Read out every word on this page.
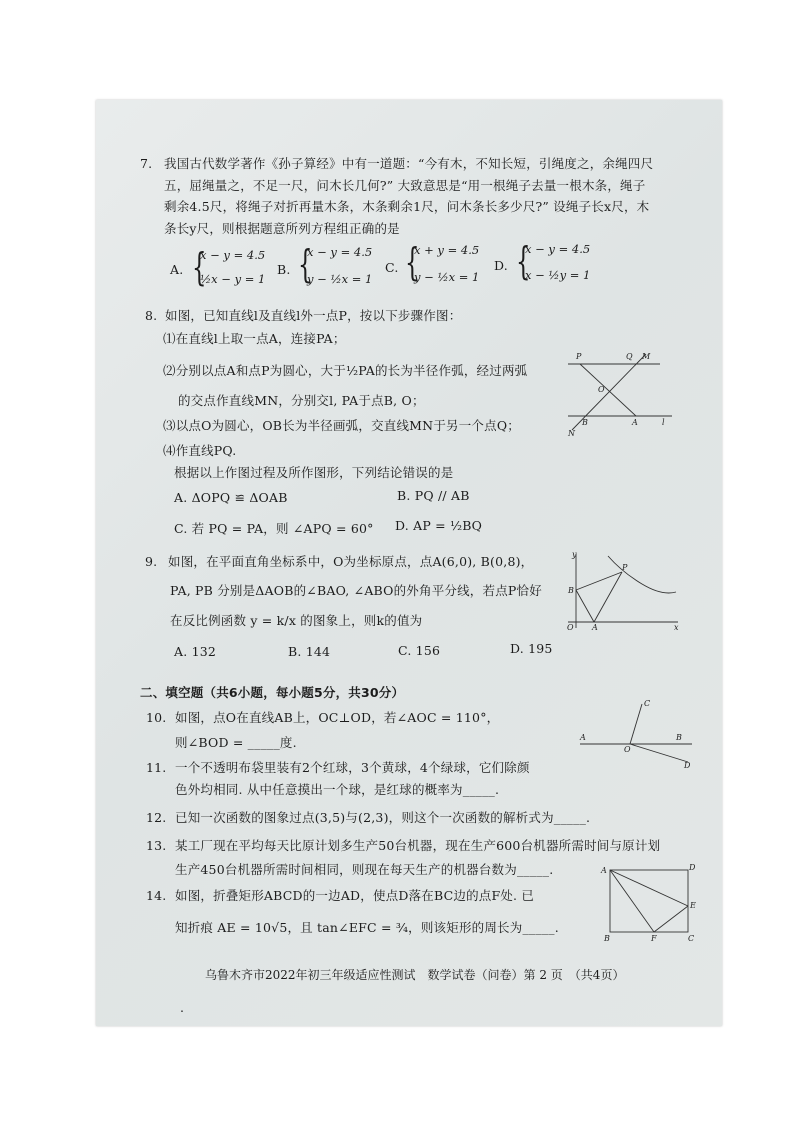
7. 我国古代数学著作《孙子算经》中有一道题：“今有木，不知长短，引绳度之，余绳四尺
五，屈绳量之，不足一尺，问木长几何?” 大致意思是“用一根绳子去量一根木条，绳子
剩余4.5尺，将绳子对折再量木条，木条剩余1尺，问木条长多少尺?” 设绳子长x尺，木
条长y尺，则根据题意所列方程组正确的是
A. {
x − y = 4.5
½x − y = 1
B. {
x − y = 4.5
y − ½x = 1
C. {
x + y = 4.5
y − ½x = 1
D. {
x − y = 4.5
x − ½y = 1
8. 如图，已知直线l及直线l外一点P，按以下步骤作图：
⑴在直线l上取一点A，连接PA；
⑵分别以点A和点P为圆心，大于½PA的长为半径作弧，经过两弧
的交点作直线MN，分别交l, PA于点B, O；
⑶以点O为圆心，OB长为半径画弧，交直线MN于另一个点Q；
⑷作直线PQ.
根据以上作图过程及所作图形，下列结论错误的是
A. ΔOPQ ≌ ΔOAB	B. PQ // AB
C. 若 PQ = PA，则 ∠APQ = 60° D. AP = ½BQ
P	Q M
O
B	A	l
N
9. 如图，在平面直角坐标系中，O为坐标原点，点A(6,0), B(0,8)，
PA, PB 分别是ΔAOB的∠BAO, ∠ABO的外角平分线，若点P恰好
在反比例函数 y = k/x 的图象上，则k的值为
A. 132	B. 144	C. 156	D. 195
y
P
B
O A	x
二、填空题（共6小题，每小题5分，共30分）
10. 如图，点O在直线AB上，OC⊥OD，若∠AOC = 110°，
则∠BOD = _____度.
C
A
O
B
D
11. 一个不透明布袋里装有2个红球，3个黄球，4个绿球，它们除颜
色外均相同. 从中任意摸出一个球，是红球的概率为_____.
12. 已知一次函数的图象过点(3,5)与(2,3)，则这个一次函数的解析式为_____.
13. 某工厂现在平均每天比原计划多生产50台机器，现在生产600台机器所需时间与原计划
生产450台机器所需时间相同，则现在每天生产的机器台数为_____.
14. 如图，折叠矩形ABCD的一边AD，使点D落在BC边的点F处. 已
知折痕 AE = 10√5，且 tan∠EFC = ¾，则该矩形的周长为_____.
A	D
E
B	F	C
乌鲁木齐市2022年初三年级适应性测试　数学试卷（问卷）第 2 页　（共4页）
.
